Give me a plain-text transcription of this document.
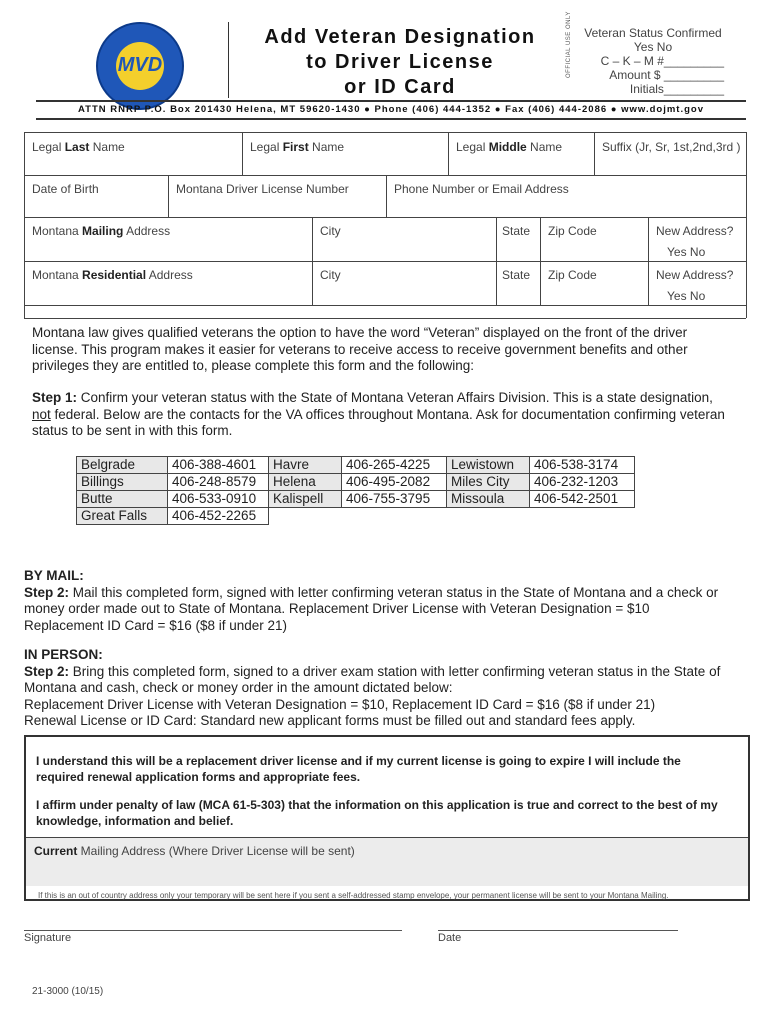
MVD
Add Veteran Designation
to Driver License
or ID Card
OFFICIAL USE ONLY	Veteran Status Confirmed
Yes No
C – K – M #_________
Amount $ _________
Initials_________
ATTN RNRP P.O. Box 201430 Helena, MT 59620-1430 ● Phone (406) 444-1352 ● Fax (406) 444-2086 ● www.dojmt.gov
Legal Last Name	Legal First Name	Legal Middle Name	Suffix (Jr, Sr, 1st,2nd,3rd )
Date of Birth	Montana Driver License Number	Phone Number or Email Address
Montana Mailing Address	City	State Zip Code	New Address?
Yes No
Montana Residential Address	City	State Zip Code	New Address?
Yes No
Montana law gives qualified veterans the option to have the word “Veteran” displayed on the front of the driver license. This program makes it easier for veterans to receive access to receive government benefits and other privileges they are entitled to, please complete this form and the following:
Step 1: Confirm your veteran status with the State of Montana Veteran Affairs Division. This is a state designation, not federal. Below are the contacts for the VA offices throughout Montana. Ask for documentation confirming veteran status to be sent in with this form.
Belgrade	406-388-4601	Havre	406-265-4225	Lewistown	406-538-3174
Billings	406-248-8579	Helena	406-495-2082	Miles City	406-232-1203
Butte	406-533-0910	Kalispell	406-755-3795	Missoula	406-542-2501
Great Falls	406-452-2265				
BY MAIL:
Step 2: Mail this completed form, signed with letter confirming veteran status in the State of Montana and a check or money order made out to State of Montana. Replacement Driver License with Veteran Designation = $10
Replacement ID Card = $16 ($8 if under 21)
IN PERSON:
Step 2: Bring this completed form, signed to a driver exam station with letter confirming veteran status in the State of Montana and cash, check or money order in the amount dictated below:
Replacement Driver License with Veteran Designation = $10, Replacement ID Card = $16 ($8 if under 21)
Renewal License or ID Card: Standard new applicant forms must be filled out and standard fees apply.
I understand this will be a replacement driver license and if my current license is going to expire I will include the required renewal application forms and appropriate fees.
I affirm under penalty of law (MCA 61-5-303) that the information on this application is true and correct to the best of my knowledge, information and belief.
Current Mailing Address (Where Driver License will be sent)
If this is an out of country address only your temporary will be sent here if you sent a self-addressed stamp envelope, your permanent license will be sent to your Montana Mailing.
Signature	Date
21-3000 (10/15)
